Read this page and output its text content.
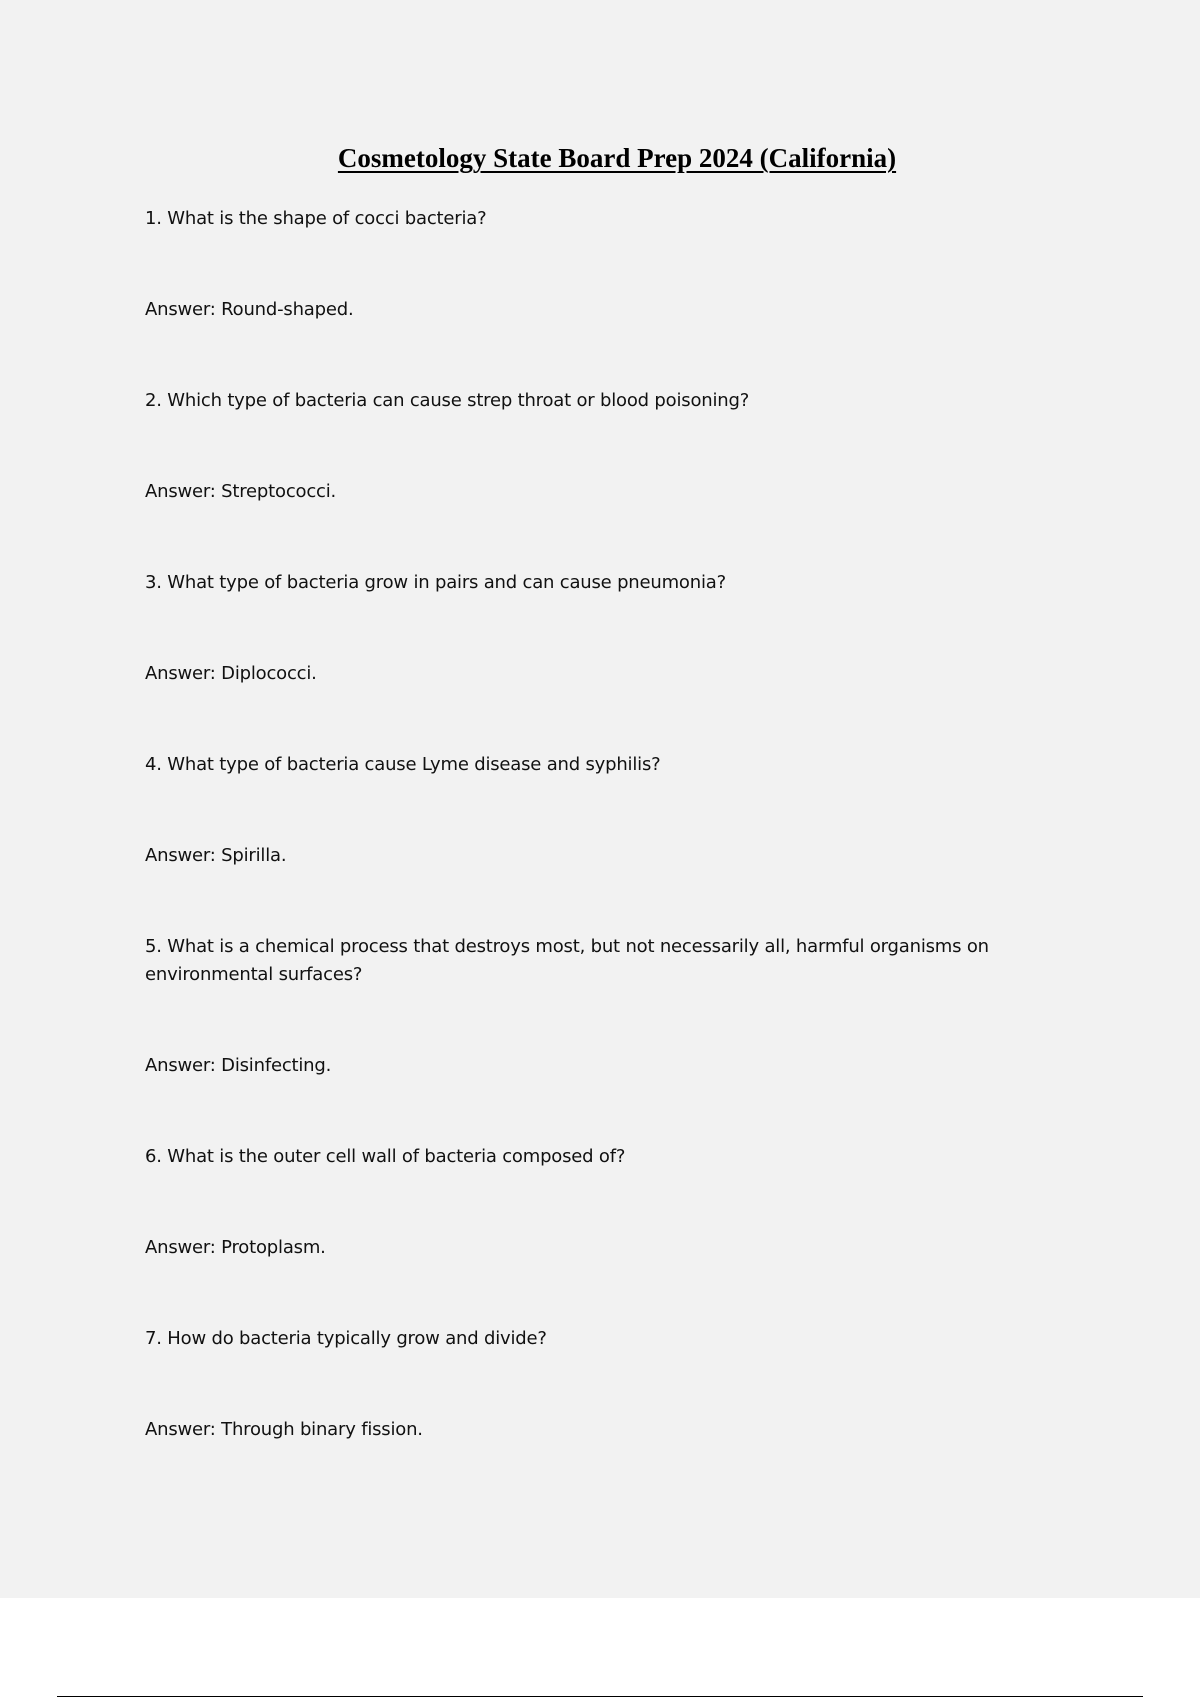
Cosmetology State Board Prep 2024 (California)

1. What is the shape of cocci bacteria?

Answer: Round-shaped.

2. Which type of bacteria can cause strep throat or blood poisoning?

Answer: Streptococci.

3. What type of bacteria grow in pairs and can cause pneumonia?

Answer: Diplococci.

4. What type of bacteria cause Lyme disease and syphilis?

Answer: Spirilla.

5. What is a chemical process that destroys most, but not necessarily all, harmful organisms on environmental surfaces?

Answer: Disinfecting.

6. What is the outer cell wall of bacteria composed of?

Answer: Protoplasm.

7. How do bacteria typically grow and divide?

Answer: Through binary fission.
